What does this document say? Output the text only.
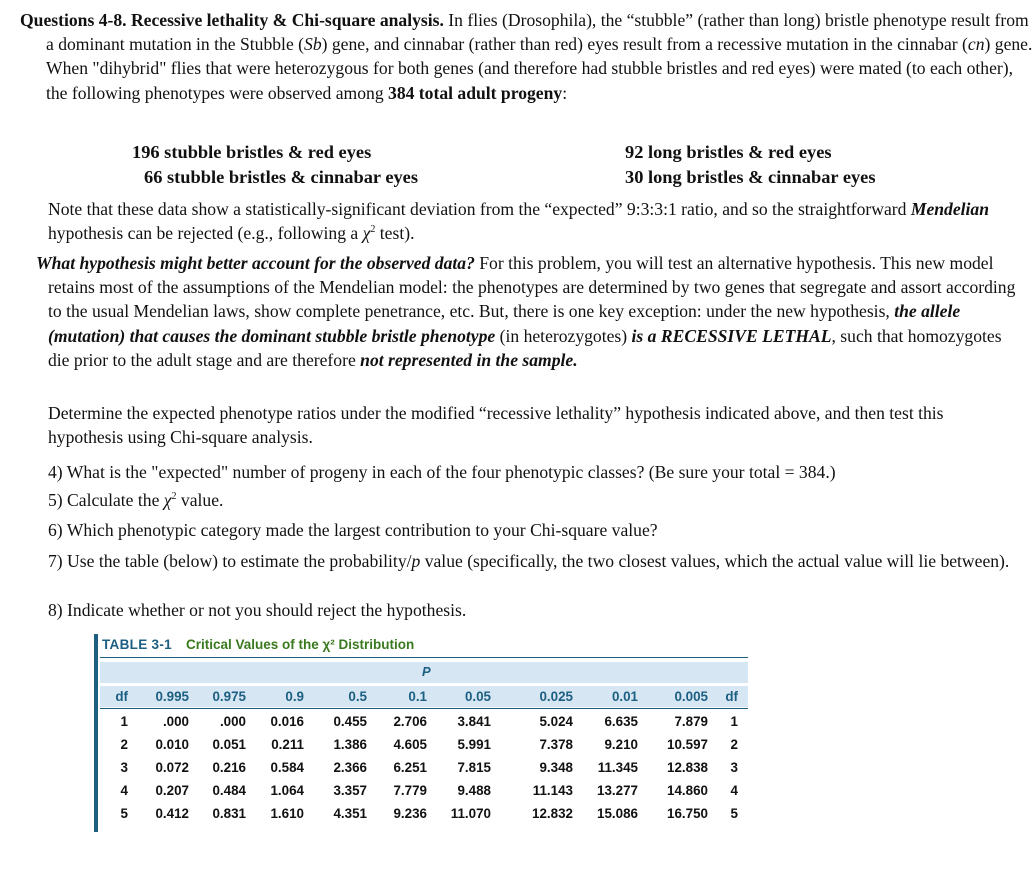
Questions 4-8. Recessive lethality & Chi-square analysis. In flies (Drosophila), the “stubble” (rather than long) bristle phenotype result from a dominant mutation in the Stubble (Sb) gene, and cinnabar (rather than red) eyes result from a recessive mutation in the cinnabar (cn) gene. When "dihybrid" flies that were heterozygous for both genes (and therefore had stubble bristles and red eyes) were mated (to each other), the following phenotypes were observed among 384 total adult progeny:

196 stubble bristles & red eyes	92 long bristles & red eyes
66 stubble bristles & cinnabar eyes	30 long bristles & cinnabar eyes

Note that these data show a statistically-significant deviation from the “expected” 9:3:3:1 ratio, and so the straightforward Mendelian hypothesis can be rejected (e.g., following a $\chi^2$ test).

What hypothesis might better account for the observed data? For this problem, you will test an alternative hypothesis. This new model retains most of the assumptions of the Mendelian model: the phenotypes are determined by two genes that segregate and assort according to the usual Mendelian laws, show complete penetrance, etc. But, there is one key exception: under the new hypothesis, the allele (mutation) that causes the dominant stubble bristle phenotype (in heterozygotes) is a RECESSIVE LETHAL, such that homozygotes die prior to the adult stage and are therefore not represented in the sample.

Determine the expected phenotype ratios under the modified “recessive lethality” hypothesis indicated above, and then test this hypothesis using Chi-square analysis.

4) What is the "expected" number of progeny in each of the four phenotypic classes? (Be sure your total = 384.)

5) Calculate the $\chi^2$ value.

6) Which phenotypic category made the largest contribution to your Chi-square value?

7) Use the table (below) to estimate the probability/p value (specifically, the two closest values, which the actual value will lie between).

8) Indicate whether or not you should reject the hypothesis.

TABLE 3-1 Critical Values of the χ² Distribution
P
df 0.995 0.975	0.9	0.5	0.1	0.05	0.025	0.01	0.005 df
1	.000 .000 0.016 0.455 2.706 3.841	5.024 6.635	7.879 1
2 0.010 0.051 0.211 1.386 4.605 5.991	7.378 9.210 10.597 2
3 0.072 0.216 0.584 2.366 6.251 7.815	9.348 11.345 12.838 3
4 0.207 0.484 1.064 3.357 7.779 9.488	11.143 13.277 14.860 4
5 0.412 0.831 1.610 4.351 9.236 11.070	12.832 15.086 16.750 5
